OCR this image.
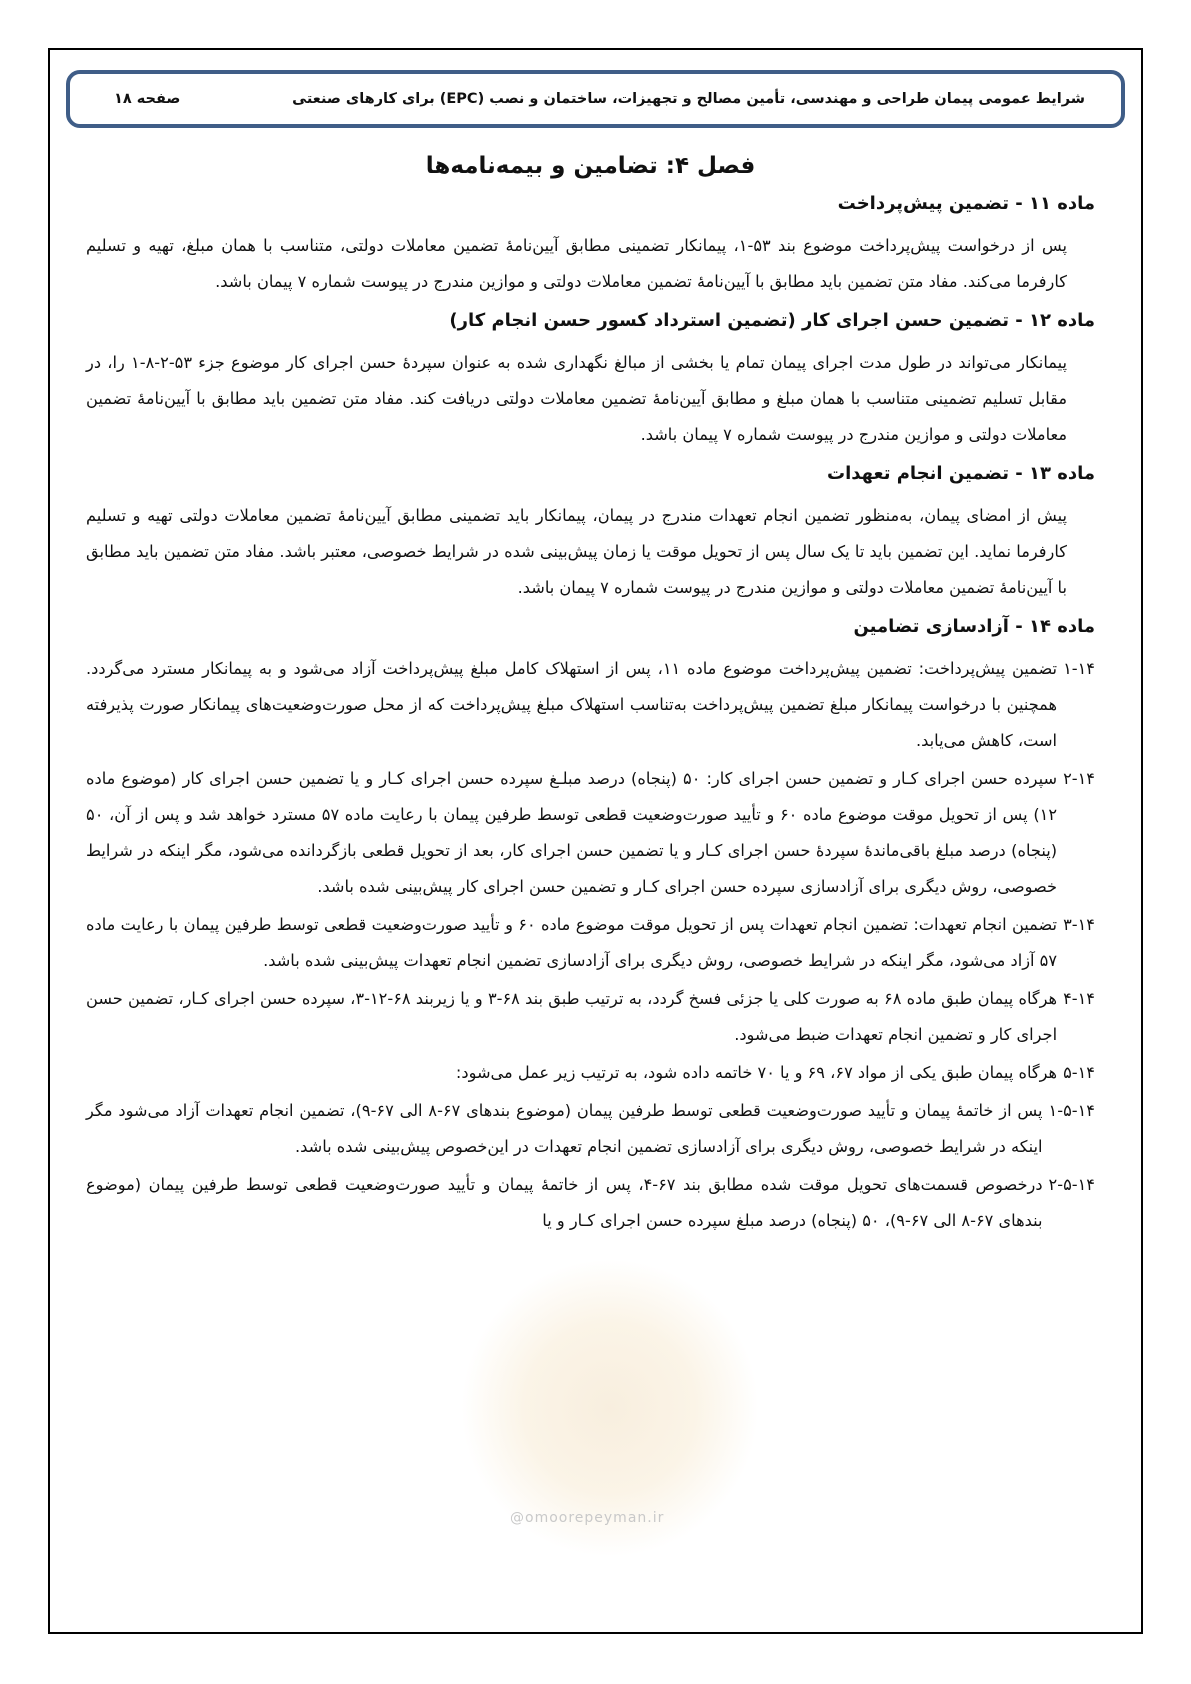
شرایط عمومی پیمان طراحی و مهندسی، تأمین مصالح و تجهیزات، ساختمان و نصب (EPC) برای کارهای صنعتی
صفحه ۱۸
@omoorepeyman.ir
فصل ۴: تضامین و بیمه‌نامه‌ها
ماده ۱۱ - تضمین پیش‌پرداخت

پس از درخواست پیش‌پرداخت موضوع بند ۵۳-۱، پیمانکار تضمینی مطابق آیین‌نامۀ تضمین معاملات دولتی، متناسب با همان مبلغ، تهیه و تسلیم کارفرما می‌کند. مفاد متن تضمین باید مطابق با آیین‌نامۀ تضمین معاملات دولتی و موازین مندرج در پیوست شماره ۷ پیمان باشد.

ماده ۱۲ - تضمین حسن اجرای کار (تضمین استرداد کسور حسن انجام کار)

پیمانکار می‌تواند در طول مدت اجرای پیمان تمام یا بخشی از مبالغ نگهداری شده به عنوان سپردۀ حسن اجرای کار موضوع جزء ۵۳-۲-۸-۱ را، در مقابل تسلیم تضمینی متناسب با همان مبلغ و مطابق آیین‌نامۀ تضمین معاملات دولتی دریافت کند. مفاد متن تضمین باید مطابق با آیین‌نامۀ تضمین معاملات دولتی و موازین مندرج در پیوست شماره ۷ پیمان باشد.

ماده ۱۳ - تضمین انجام تعهدات

پیش از امضای پیمان، به‌منظور تضمین انجام تعهدات مندرج در پیمان، پیمانکار باید تضمینی مطابق آیین‌نامۀ تضمین معاملات دولتی تهیه و تسلیم کارفرما نماید. این تضمین باید تا یک سال پس از تحویل موقت یا زمان پیش‌بینی شده در شرایط خصوصی، معتبر باشد. مفاد متن تضمین باید مطابق با آیین‌نامۀ تضمین معاملات دولتی و موازین مندرج در پیوست شماره ۷ پیمان باشد.

ماده ۱۴ - آزادسازی تضامین
۱-۱۴
تضمین پیش‌پرداخت: تضمین پیش‌پرداخت موضوع ماده ۱۱، پس از استهلاک کامل مبلغ پیش‌پرداخت آزاد می‌شود و به پیمانکار مسترد می‌گردد. همچنین با درخواست پیمانکار مبلغ تضمین پیش‌پرداخت به‌تناسب استهلاک مبلغ پیش‌پرداخت که از محل صورت‌وضعیت‌های پیمانکار صورت پذیرفته است، کاهش می‌یابد.
۲-۱۴
سپرده حسن اجرای کـار و تضمین حسن اجرای کار: ۵۰ (پنجاه) درصد مبلـغ سپرده حسن اجرای کـار و یا تضمین حسن اجرای کار (موضوع ماده ۱۲) پس از تحویل موقت موضوع ماده ۶۰ و تأیید صورت‌وضعیت قطعی توسط طرفین پیمان با رعایت ماده ۵۷ مسترد خواهد شد و پس از آن، ۵۰ (پنجاه) درصد مبلغ باقی‌ماندۀ سپردۀ حسن اجرای کـار و یا تضمین حسن اجرای کار، بعد از تحویل قطعی بازگردانده می‌شود، مگر اینکه در شرایط خصوصی، روش دیگری برای آزادسازی سپرده حسن اجرای کـار و تضمین حسن اجرای کار پیش‌بینی شده باشد.
۳-۱۴
تضمین انجام تعهدات: تضمین انجام تعهدات پس از تحویل موقت موضوع ماده ۶۰ و تأیید صورت‌وضعیت قطعی توسط طرفین پیمان با رعایت ماده ۵۷ آزاد می‌شود، مگر اینکه در شرایط خصوصی، روش دیگری برای آزادسازی تضمین انجام تعهدات پیش‌بینی شده باشد.
۴-۱۴
هرگاه پیمان طبق ماده ۶۸ به صورت کلی یا جزئی فسخ گردد، به ترتیب طبق بند ۶۸-۳ و یا زیربند ۶۸-۱۲-۳، سپرده حسن اجرای کـار، تضمین حسن اجرای کار و تضمین انجام تعهدات ضبط می‌شود.
۵-۱۴
هرگاه پیمان طبق یکی از مواد ۶۷، ۶۹ و یا ۷۰ خاتمه داده شود، به ترتیب زیر عمل می‌شود:
۱-۵-۱۴
پس از خاتمۀ پیمان و تأیید صورت‌وضعیت قطعی توسط طرفین پیمان (موضوع بندهای ۶۷-۸ الی ۶۷-۹)، تضمین انجام تعهدات آزاد می‌شود مگر اینکه در شرایط خصوصی، روش دیگری برای آزادسازی تضمین انجام تعهدات در این‌خصوص پیش‌بینی شده باشد.
۲-۵-۱۴
درخصوص قسمت‌های تحویل موقت شده مطابق بند ۶۷-۴، پس از خاتمۀ پیمان و تأیید صورت‌وضعیت قطعی توسط طرفین پیمان (موضوع بندهای ۶۷-۸ الی ۶۷-۹)، ۵۰ (پنجاه) درصد مبلغ سپرده حسن اجرای کـار و یا
